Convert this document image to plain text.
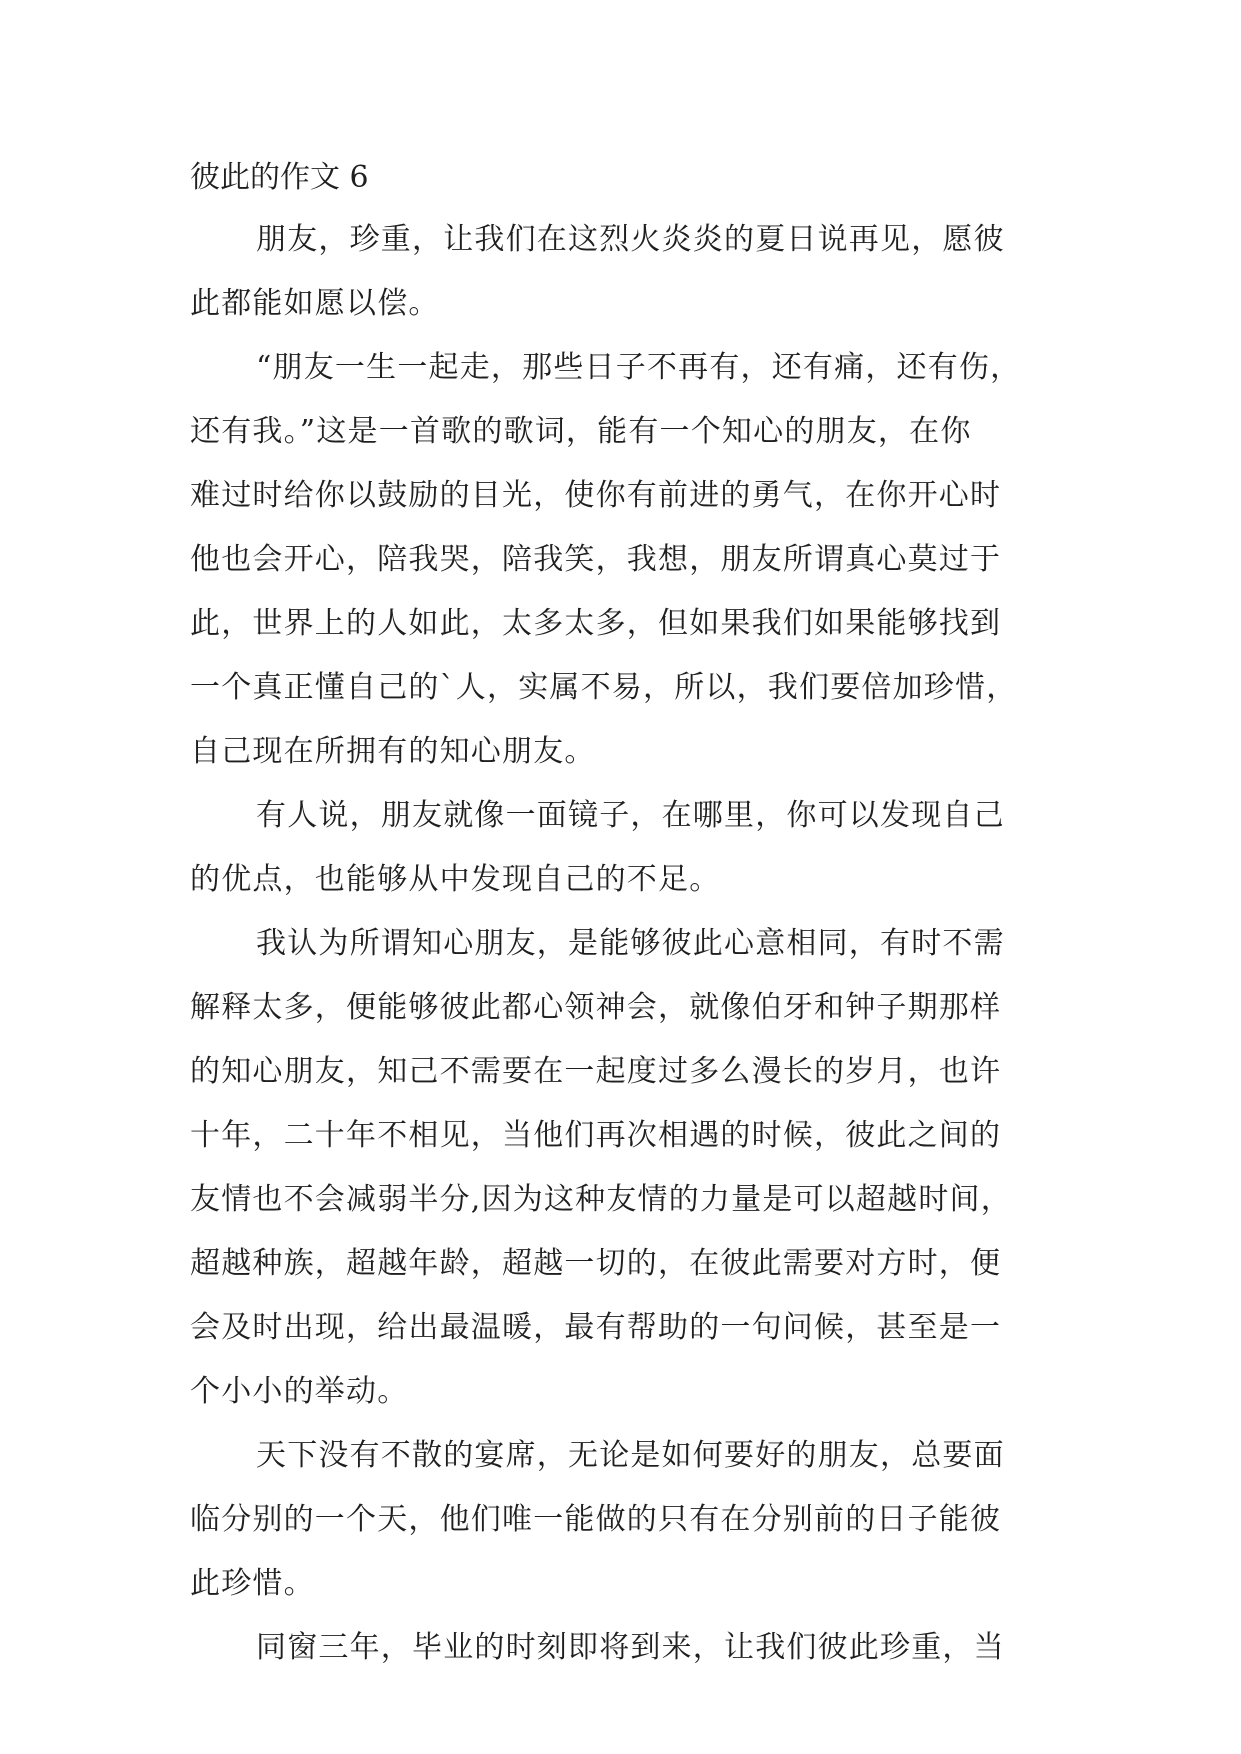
彼此的作文 6
朋友，珍重，让我们在这烈火炎炎的夏日说再见，愿彼
此都能如愿以偿。
“朋友一生一起走，那些日子不再有，还有痛，还有伤，
还有我。”这是一首歌的歌词，能有一个知心的朋友，在你
难过时给你以鼓励的目光，使你有前进的勇气，在你开心时
他也会开心，陪我哭，陪我笑，我想，朋友所谓真心莫过于
此，世界上的人如此，太多太多，但如果我们如果能够找到
一个真正懂自己的`人，实属不易，所以，我们要倍加珍惜，
自己现在所拥有的知心朋友。
有人说，朋友就像一面镜子，在哪里，你可以发现自己
的优点，也能够从中发现自己的不足。
我认为所谓知心朋友，是能够彼此心意相同，有时不需
解释太多，便能够彼此都心领神会，就像伯牙和钟子期那样
的知心朋友，知己不需要在一起度过多么漫长的岁月，也许
十年，二十年不相见，当他们再次相遇的时候，彼此之间的
友情也不会减弱半分,因为这种友情的力量是可以超越时间，
超越种族，超越年龄，超越一切的，在彼此需要对方时，便
会及时出现，给出最温暖，最有帮助的一句问候，甚至是一
个小小的举动。
天下没有不散的宴席，无论是如何要好的朋友，总要面
临分别的一个天，他们唯一能做的只有在分别前的日子能彼
此珍惜。
同窗三年，毕业的时刻即将到来，让我们彼此珍重，当
